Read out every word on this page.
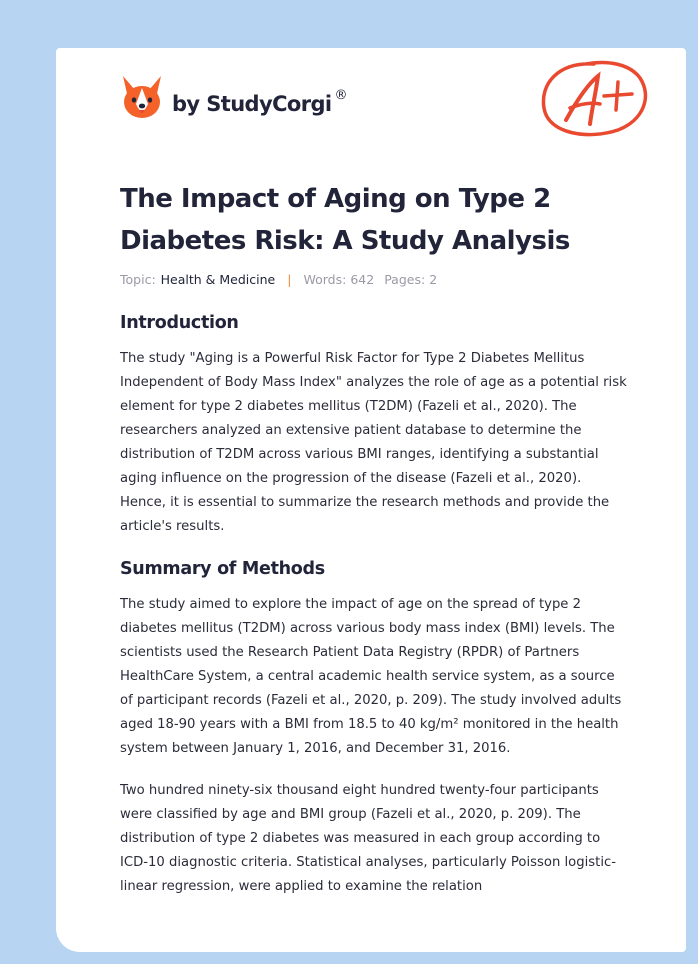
by StudyCorgi ®
The Impact of Aging on Type 2 Diabetes Risk: A Study Analysis
Topic: Health & Medicine | Words: 642 Pages: 2
Introduction

The study "Aging is a Powerful Risk Factor for Type 2 Diabetes Mellitus Independent of Body Mass Index" analyzes the role of age as a potential risk element for type 2 diabetes mellitus (T2DM) (Fazeli et al., 2020). The researchers analyzed an extensive patient database to determine the distribution of T2DM across various BMI ranges, identifying a substantial aging influence on the progression of the disease (Fazeli et al., 2020). Hence, it is essential to summarize the research methods and provide the article's results.

Summary of Methods

The study aimed to explore the impact of age on the spread of type 2 diabetes mellitus (T2DM) across various body mass index (BMI) levels. The scientists used the Research Patient Data Registry (RPDR) of Partners HealthCare System, a central academic health service system, as a source of participant records (Fazeli et al., 2020, p. 209). The study involved adults aged 18-90 years with a BMI from 18.5 to 40 kg/m² monitored in the health system between January 1, 2016, and December 31, 2016.

Two hundred ninety-six thousand eight hundred twenty-four participants were classified by age and BMI group (Fazeli et al., 2020, p. 209). The distribution of type 2 diabetes was measured in each group according to ICD-10 diagnostic criteria. Statistical analyses, particularly Poisson logistic-linear regression, were applied to examine the relation
